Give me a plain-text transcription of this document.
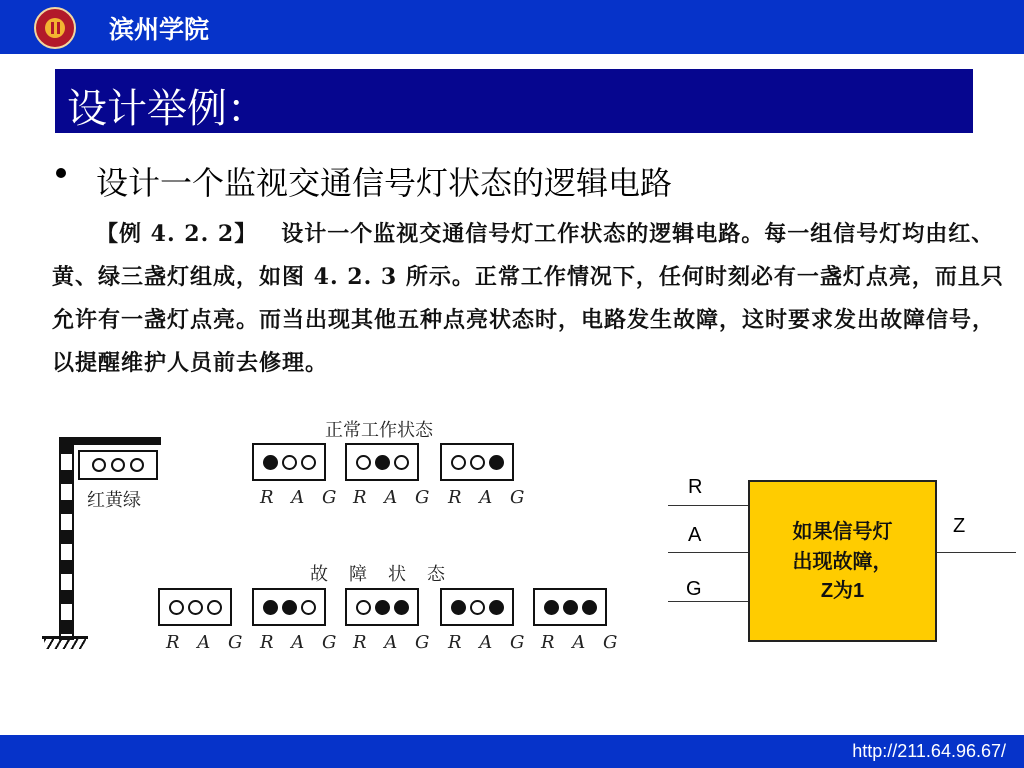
滨州学院
设计举例：
设计一个监视交通信号灯状态的逻辑电路
【例 4. 2. 2】 设计一个监视交通信号灯工作状态的逻辑电路。每一组信号灯均由红、黄、绿三盏灯组成，如图 4. 2. 3 所示。正常工作情况下，任何时刻必有一盏灯点亮，而且只允许有一盏灯点亮。而当出现其他五种点亮状态时，电路发生故障，这时要求发出故障信号，以提醒维护人员前去修理。
红黄绿
正常工作状态
故障状态
R A G R A G R A G
R A G R A G R A G R A G R A G
R
A
G
Z
如果信号灯
出现故障，
Z为1
http://211.64.96.67/
